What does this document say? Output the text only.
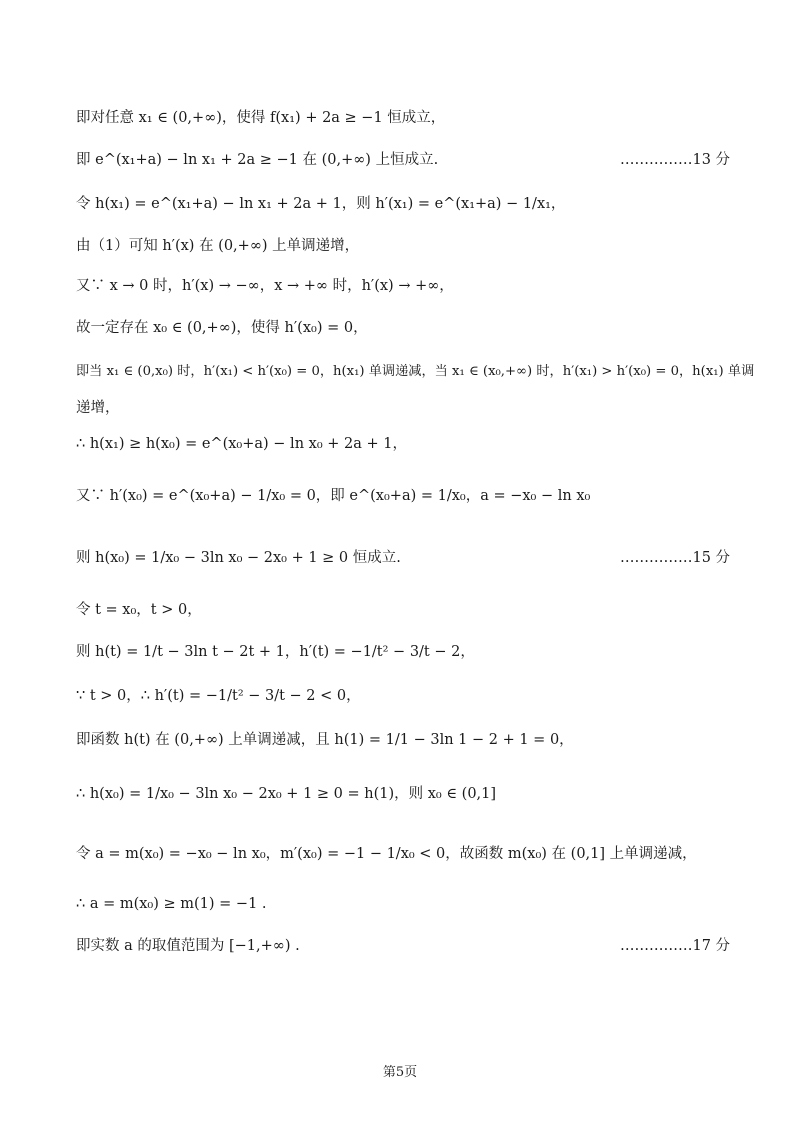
即对任意 x₁ ∈ (0,+∞)，使得 f(x₁) + 2a ≥ −1 恒成立，
即 e^(x₁+a) − ln x₁ + 2a ≥ −1 在 (0,+∞) 上恒成立.	……………13 分
令 h(x₁) = e^(x₁+a) − ln x₁ + 2a + 1，则 h′(x₁) = e^(x₁+a) − 1/x₁，
由（1）可知 h′(x) 在 (0,+∞) 上单调递增，
又∵ x → 0 时，h′(x) → −∞，x → +∞ 时，h′(x) → +∞，
故一定存在 x₀ ∈ (0,+∞)，使得 h′(x₀) = 0，
即当 x₁ ∈ (0,x₀) 时，h′(x₁) < h′(x₀) = 0，h(x₁) 单调递减，当 x₁ ∈ (x₀,+∞) 时，h′(x₁) > h′(x₀) = 0，h(x₁) 单调
递增，
∴ h(x₁) ≥ h(x₀) = e^(x₀+a) − ln x₀ + 2a + 1，
又∵ h′(x₀) = e^(x₀+a) − 1/x₀ = 0，即 e^(x₀+a) = 1/x₀，a = −x₀ − ln x₀
则 h(x₀) = 1/x₀ − 3ln x₀ − 2x₀ + 1 ≥ 0 恒成立.	……………15 分
令 t = x₀，t > 0，
则 h(t) = 1/t − 3ln t − 2t + 1，h′(t) = −1/t² − 3/t − 2，
∵ t > 0，∴ h′(t) = −1/t² − 3/t − 2 < 0，
即函数 h(t) 在 (0,+∞) 上单调递减，且 h(1) = 1/1 − 3ln 1 − 2 + 1 = 0，
∴ h(x₀) = 1/x₀ − 3ln x₀ − 2x₀ + 1 ≥ 0 = h(1)，则 x₀ ∈ (0,1]
令 a = m(x₀) = −x₀ − ln x₀，m′(x₀) = −1 − 1/x₀ < 0，故函数 m(x₀) 在 (0,1] 上单调递减，
∴ a = m(x₀) ≥ m(1) = −1 .
即实数 a 的取值范围为 [−1,+∞) .	……………17 分
第5页
